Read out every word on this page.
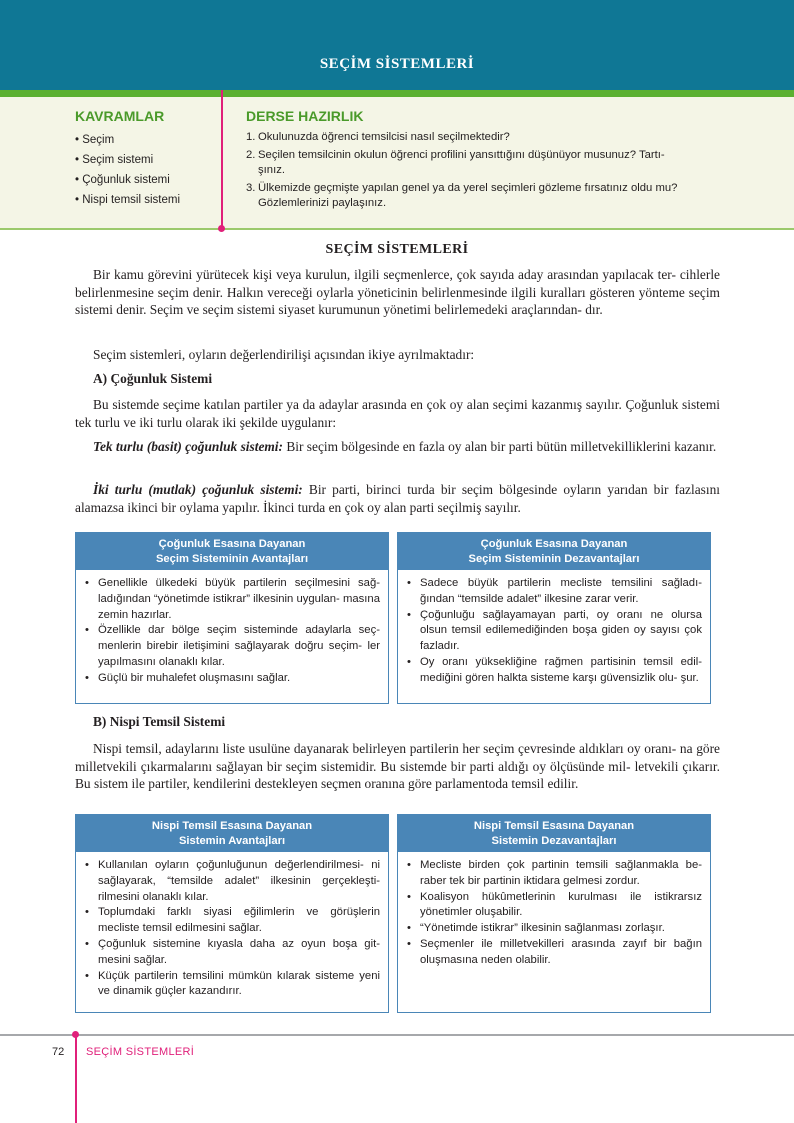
SEÇİM SİSTEMLERİ
KAVRAMLAR
• Seçim
• Seçim sistemi
• Çoğunluk sistemi
• Nispi temsil sistemi
DERSE HAZIRLIK
1. Okulunuzda öğrenci temsilcisi nasıl seçilmektedir?
2. Seçilen temsilcinin okulun öğrenci profilini yansıttığını düşünüyor musunuz? Tartı-
şınız.
3. Ülkemizde geçmişte yapılan genel ya da yerel seçimleri gözleme fırsatınız oldu mu?
Gözlemlerinizi paylaşınız.
SEÇİM SİSTEMLERİ

Bir kamu görevini yürütecek kişi veya kurulun, ilgili seçmenlerce, çok sayıda aday arasından yapılacak ter- cihlerle belirlenmesine seçim denir. Halkın vereceği oylarla yöneticinin belirlenmesinde ilgili kuralları gösteren yönteme seçim sistemi denir. Seçim ve seçim sistemi siyaset kurumunun yönetimi belirlemedeki araçlarından- dır.

Seçim sistemleri, oyların değerlendirilişi açısından ikiye ayrılmaktadır:

A) Çoğunluk Sistemi

Bu sistemde seçime katılan partiler ya da adaylar arasında en çok oy alan seçimi kazanmış sayılır. Çoğunluk sistemi tek turlu ve iki turlu olarak iki şekilde uygulanır:

Tek turlu (basit) çoğunluk sistemi: Bir seçim bölgesinde en fazla oy alan bir parti bütün milletvekilliklerini kazanır.

İki turlu (mutlak) çoğunluk sistemi: Bir parti, birinci turda bir seçim bölgesinde oyların yarıdan bir fazlasını alamazsa ikinci bir oylama yapılır. İkinci turda en çok oy alan parti seçilmiş sayılır.

Çoğunluk Esasına Dayanan
Seçim Sisteminin Avantajları
• Genellikle ülkedeki büyük partilerin seçilmesini sağ- ladığından “yönetimde istikrar” ilkesinin uygulan- masına zemin hazırlar.
• Özellikle dar bölge seçim sisteminde adaylarla seç- menlerin birebir iletişimini sağlayarak doğru seçim- ler yapılmasını olanaklı kılar.
• Güçlü bir muhalefet oluşmasını sağlar.
Çoğunluk Esasına Dayanan
Seçim Sisteminin Dezavantajları
• Sadece büyük partilerin mecliste temsilini sağladı- ğından “temsilde adalet” ilkesine zarar verir.
• Çoğunluğu sağlayamayan parti, oy oranı ne olursa olsun temsil edilemediğinden boşa giden oy sayısı çok fazladır.
• Oy oranı yüksekliğine rağmen partisinin temsil edil- mediğini gören halkta sisteme karşı güvensizlik olu- şur.
B) Nispi Temsil Sistemi

Nispi temsil, adaylarını liste usulüne dayanarak belirleyen partilerin her seçim çevresinde aldıkları oy oranı- na göre milletvekili çıkarmalarını sağlayan bir seçim sistemidir. Bu sistemde bir parti aldığı oy ölçüsünde mil- letvekili çıkarır. Bu sistem ile partiler, kendilerini destekleyen seçmen oranına göre parlamentoda temsil edilir.

Nispi Temsil Esasına Dayanan
Sistemin Avantajları
• Kullanılan oyların çoğunluğunun değerlendirilmesi- ni sağlayarak, “temsilde adalet” ilkesinin gerçekleşti- rilmesini olanaklı kılar.
• Toplumdaki farklı siyasi eğilimlerin ve görüşlerin mecliste temsil edilmesini sağlar.
• Çoğunluk sistemine kıyasla daha az oyun boşa git- mesini sağlar.
• Küçük partilerin temsilini mümkün kılarak sisteme yeni ve dinamik güçler kazandırır.
Nispi Temsil Esasına Dayanan
Sistemin Dezavantajları
• Mecliste birden çok partinin temsili sağlanmakla be- raber tek bir partinin iktidara gelmesi zordur.
• Koalisyon hükûmetlerinin kurulması ile istikrarsız yönetimler oluşabilir.
• “Yönetimde istikrar” ilkesinin sağlanması zorlaşır.
• Seçmenler ile milletvekilleri arasında zayıf bir bağın oluşmasına neden olabilir.
72 SEÇİM SİSTEMLERİ
